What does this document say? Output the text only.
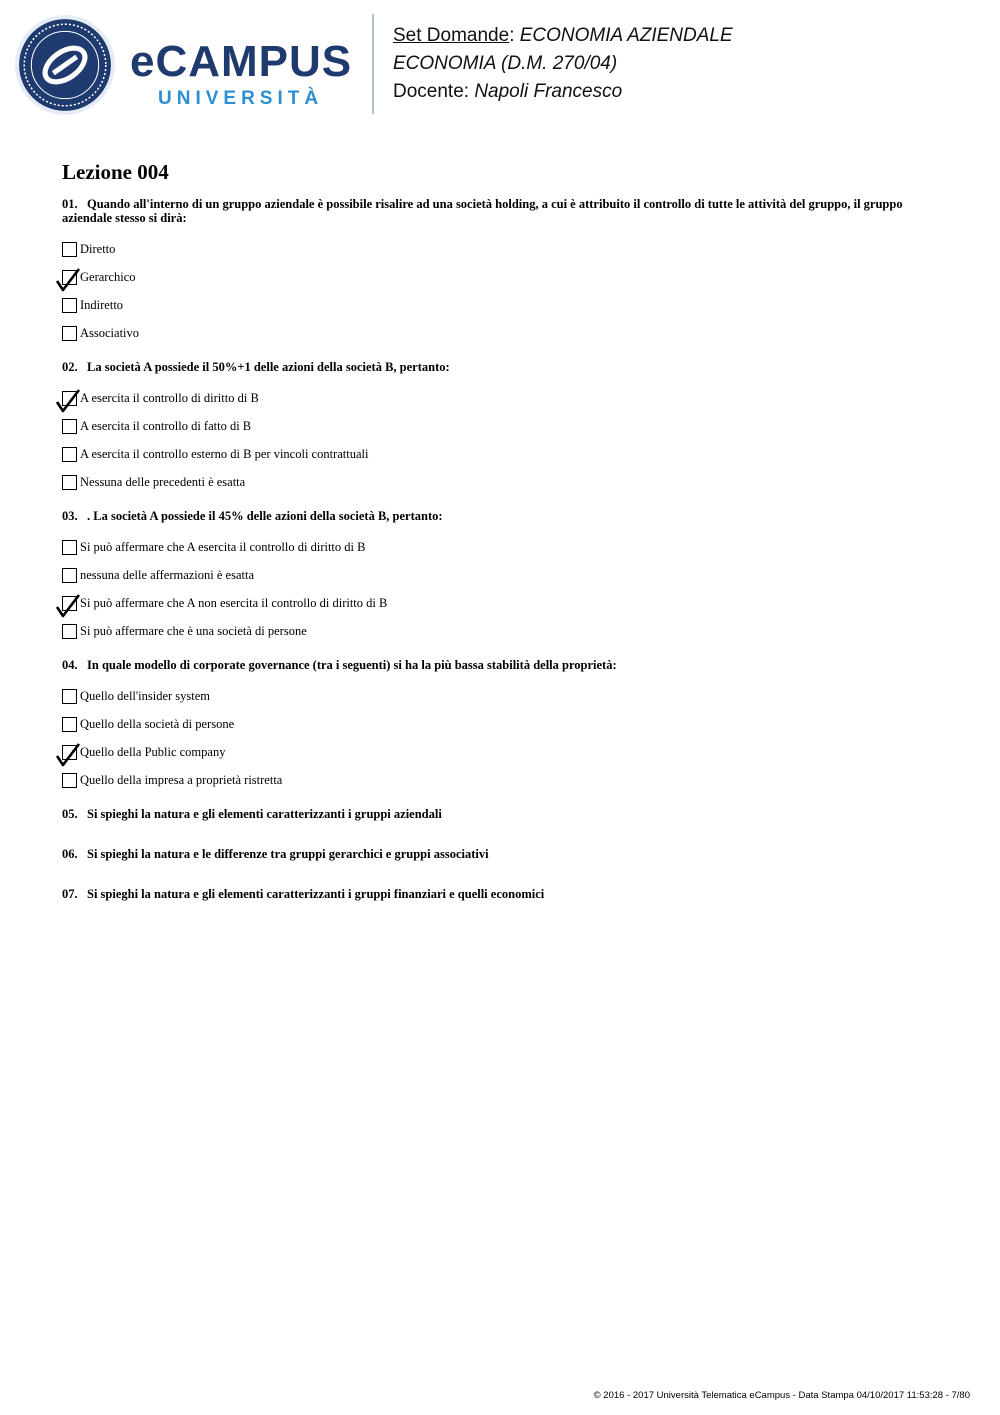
eCAMPUS
UNIVERSITÀ
Set Domande: ECONOMIA AZIENDALE
ECONOMIA (D.M. 270/04)
Docente: Napoli Francesco
Lezione 004

01. Quando all'interno di un gruppo aziendale è possibile risalire ad una società holding, a cui è attribuito il controllo di tutte le attività del gruppo, il gruppo aziendale stesso si dirà:

Diretto
Gerarchico
Indiretto
Associativo

02. La società A possiede il 50%+1 delle azioni della società B, pertanto:

A esercita il controllo di diritto di B
A esercita il controllo di fatto di B
A esercita il controllo esterno di B per vincoli contrattuali
Nessuna delle precedenti è esatta

03. . La società A possiede il 45% delle azioni della società B, pertanto:

Si può affermare che A esercita il controllo di diritto di B
nessuna delle affermazioni è esatta
Si può affermare che A non esercita il controllo di diritto di B
Si può affermare che è una società di persone

04. In quale modello di corporate governance (tra i seguenti) si ha la più bassa stabilità della proprietà:

Quello dell'insider system
Quello della società di persone
Quello della Public company
Quello della impresa a proprietà ristretta

05. Si spieghi la natura e gli elementi caratterizzanti i gruppi aziendali

06. Si spieghi la natura e le differenze tra gruppi gerarchici e gruppi associativi

07. Si spieghi la natura e gli elementi caratterizzanti i gruppi finanziari e quelli economici

© 2016 - 2017 Università Telematica eCampus - Data Stampa 04/10/2017 11:53:28 - 7/80
